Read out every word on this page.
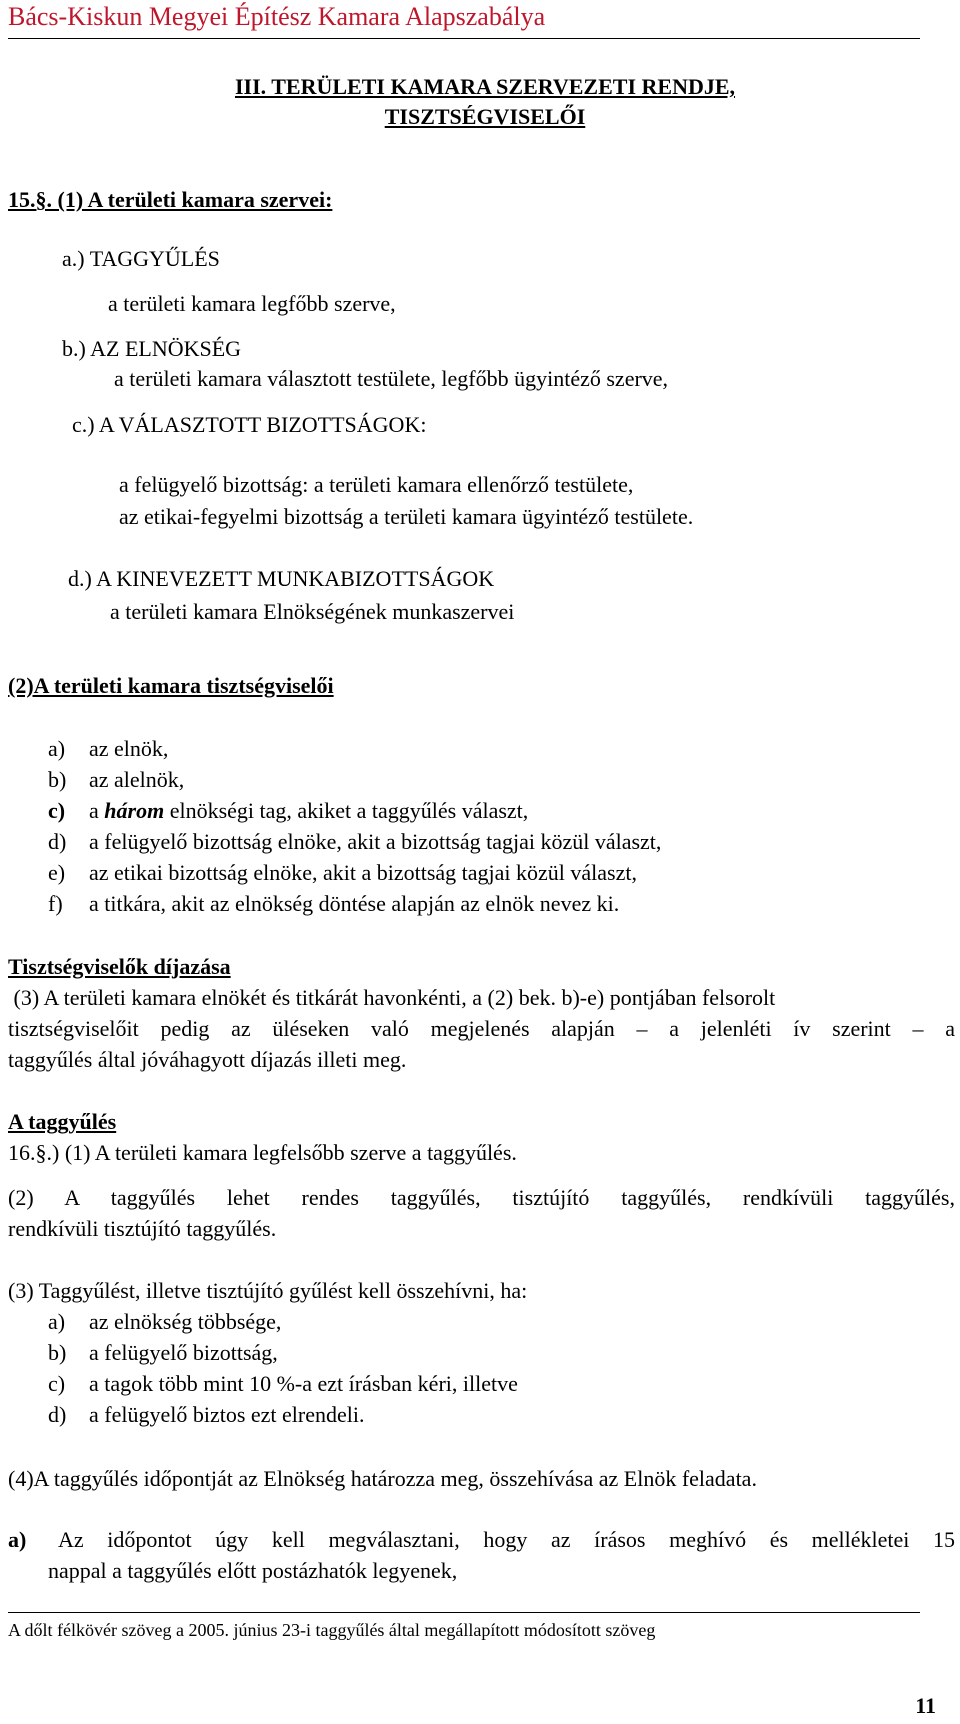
Bács-Kiskun Megyei Építész Kamara Alapszabálya
III. TERÜLETI KAMARA SZERVEZETI RENDJE,
TISZTSÉGVISELŐI
15.§. (1) A területi kamara szervei:
a.) TAGGYŰLÉS
a területi kamara legfőbb szerve,
b.) AZ ELNÖKSÉG
a területi kamara választott testülete, legfőbb ügyintéző szerve,
c.) A VÁLASZTOTT BIZOTTSÁGOK:
a felügyelő bizottság: a területi kamara ellenőrző testülete,
az etikai-fegyelmi bizottság a területi kamara ügyintéző testülete.
d.) A KINEVEZETT MUNKABIZOTTSÁGOK
a területi kamara Elnökségének munkaszervei
(2)A területi kamara tisztségviselői
a) az elnök,
b) az alelnök,
c) a három elnökségi tag, akiket a taggyűlés választ,
d) a felügyelő bizottság elnöke, akit a bizottság tagjai közül választ,
e) az etikai bizottság elnöke, akit a bizottság tagjai közül választ,
f) a titkára, akit az elnökség döntése alapján az elnök nevez ki.
Tisztségviselők díjazása
(3) A területi kamara elnökét és titkárát havonkénti, a (2) bek. b)-e) pontjában felsorolt
tisztségviselőit pedig az üléseken való megjelenés alapján – a jelenléti ív szerint – a
taggyűlés által jóváhagyott díjazás illeti meg.
A taggyűlés
16.§.) (1) A területi kamara legfelsőbb szerve a taggyűlés.
(2) A taggyűlés lehet rendes taggyűlés, tisztújító taggyűlés, rendkívüli taggyűlés,
rendkívüli tisztújító taggyűlés.
(3) Taggyűlést, illetve tisztújító gyűlést kell összehívni, ha:
a) az elnökség többsége,
b) a felügyelő bizottság,
c) a tagok több mint 10 %-a ezt írásban kéri, illetve
d) a felügyelő biztos ezt elrendeli.
(4)A taggyűlés időpontját az Elnökség határozza meg, összehívása az Elnök feladata.
a) Az időpontot úgy kell megválasztani, hogy az írásos meghívó és mellékletei 15
nappal a taggyűlés előtt postázhatók legyenek,
A dőlt félkövér szöveg a 2005. június 23-i taggyűlés által megállapított módosított szöveg
11
